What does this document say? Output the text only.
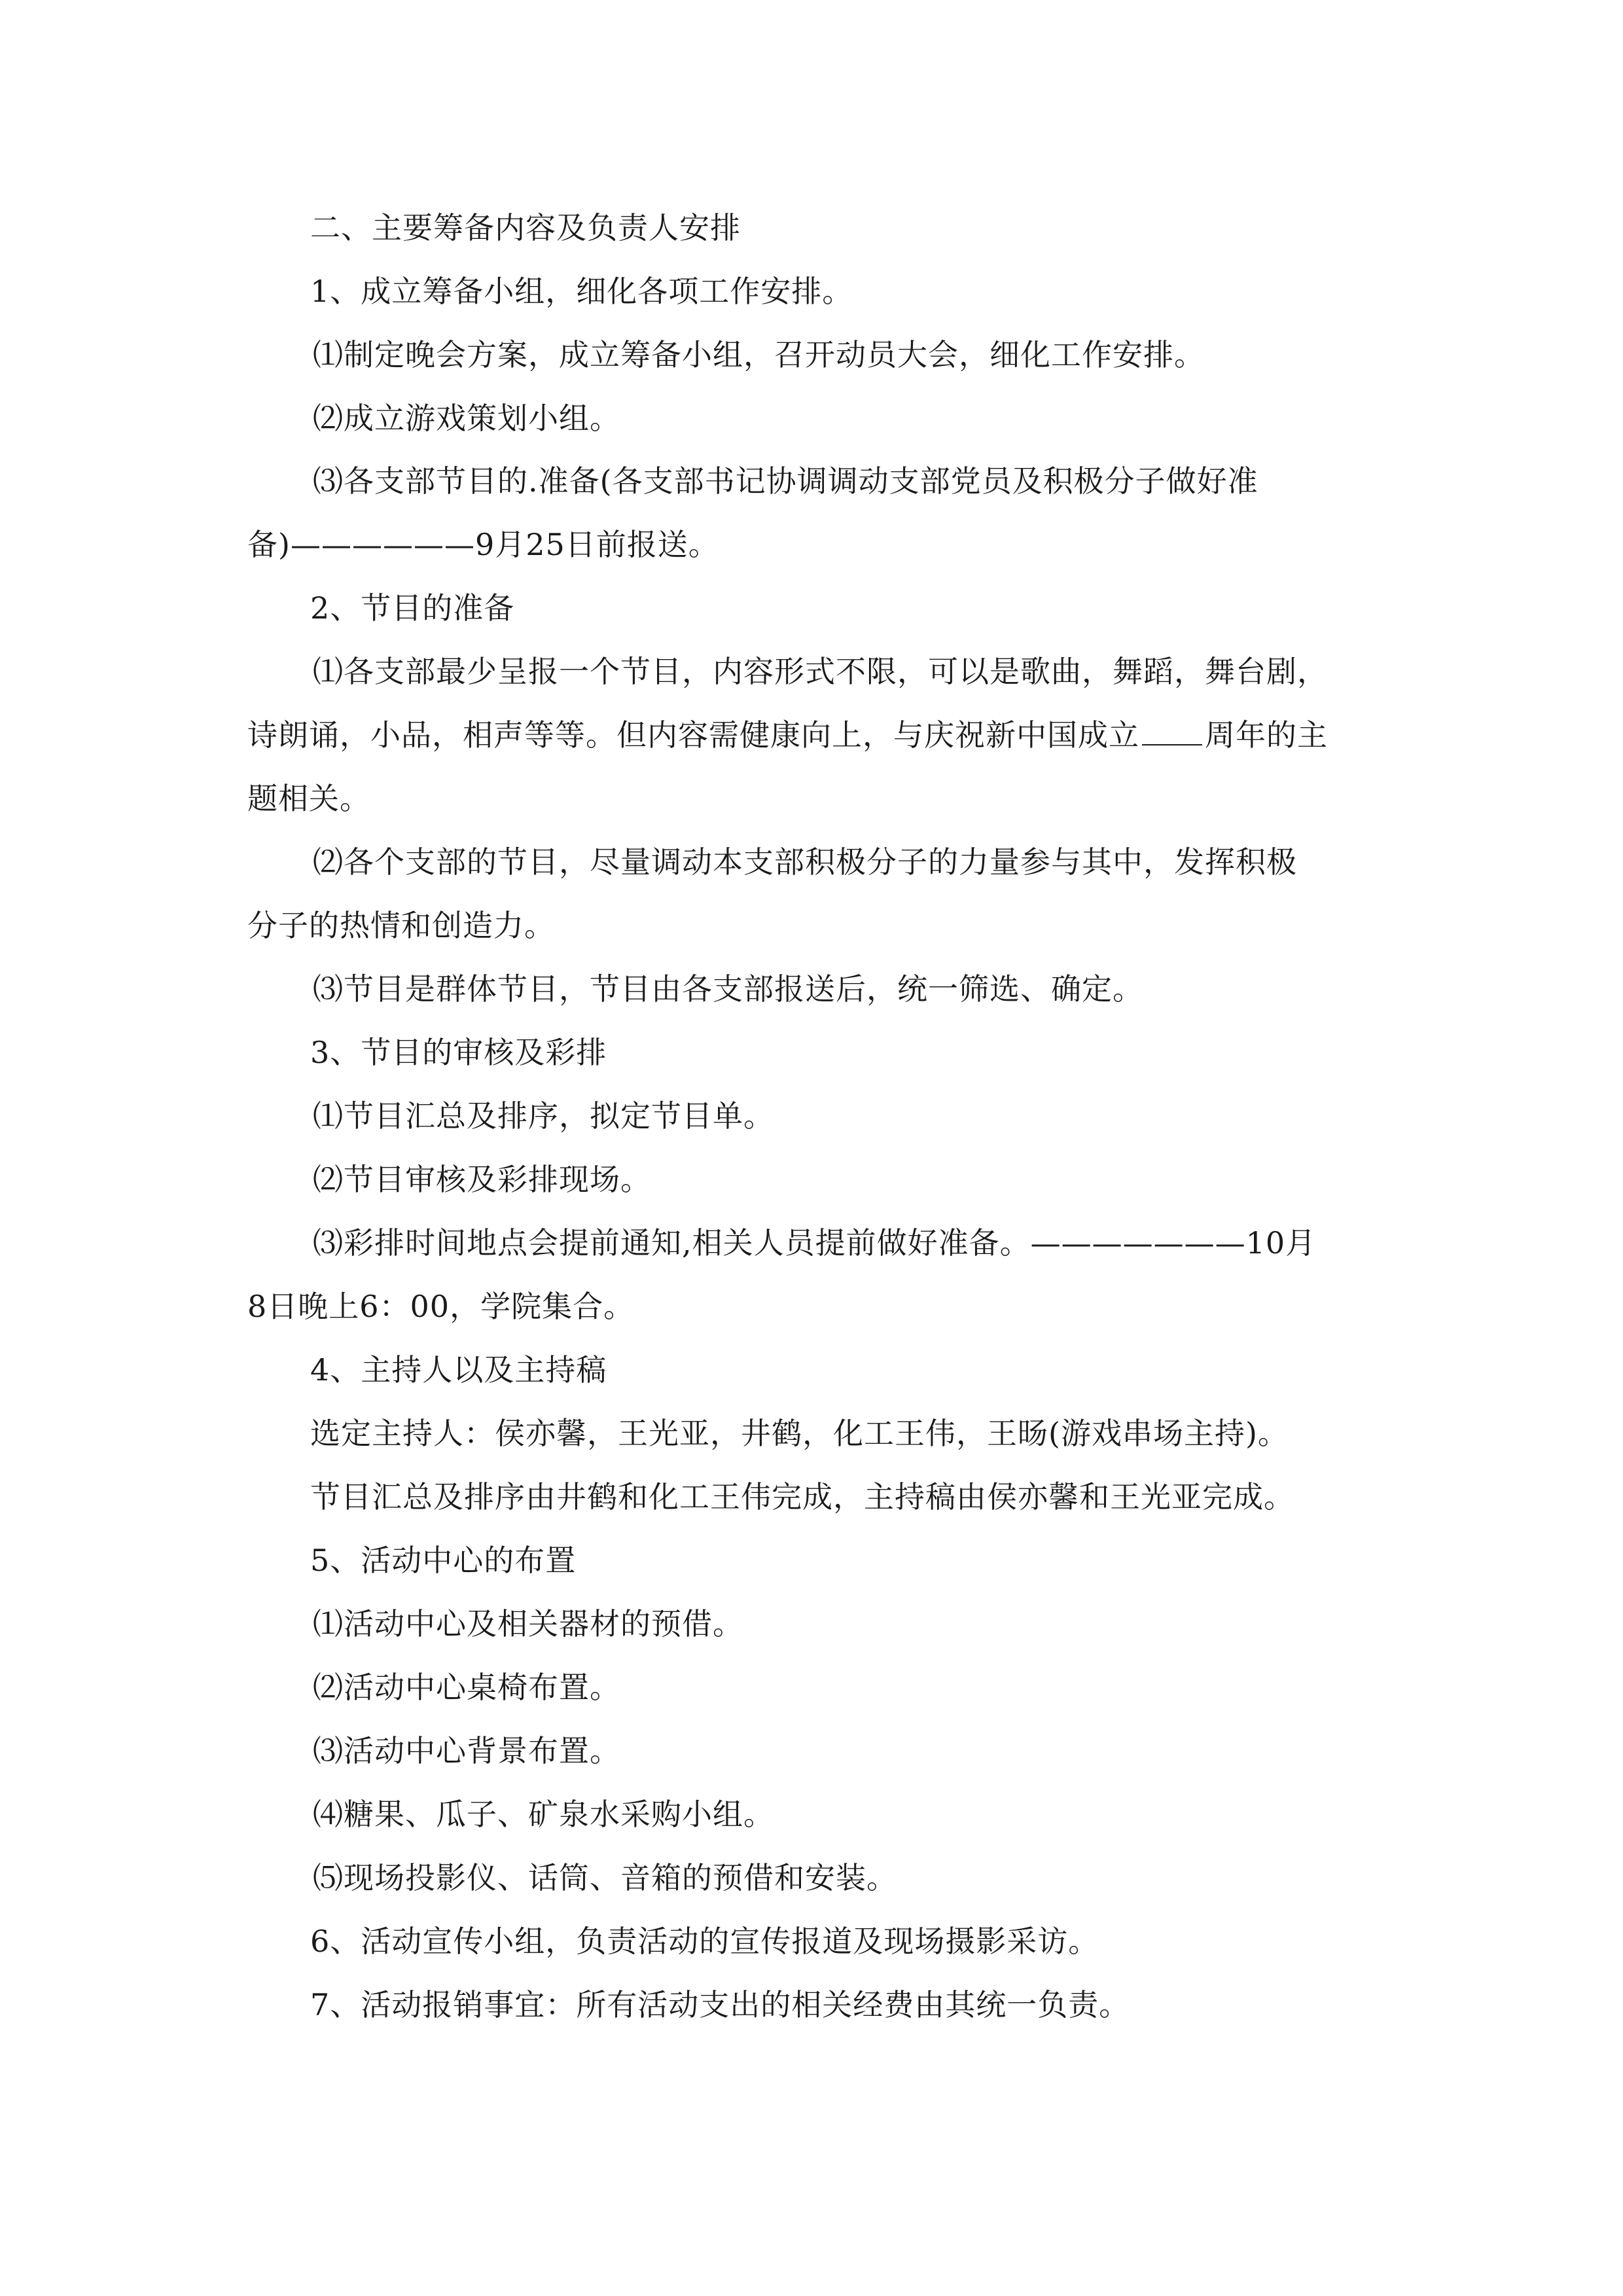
二、主要筹备内容及负责人安排
1、成立筹备小组，细化各项工作安排。
⑴制定晚会方案，成立筹备小组，召开动员大会，细化工作安排。
⑵成立游戏策划小组。
⑶各支部节目的.准备(各支部书记协调调动支部党员及积极分子做好准
备)——————9月25日前报送。
2、节目的准备
⑴各支部最少呈报一个节目，内容形式不限，可以是歌曲，舞蹈，舞台剧，
诗朗诵，小品，相声等等。但内容需健康向上，与庆祝新中国成立 周年的主
题相关。
⑵各个支部的节目，尽量调动本支部积极分子的力量参与其中，发挥积极
分子的热情和创造力。
⑶节目是群体节目，节目由各支部报送后，统一筛选、确定。
3、节目的审核及彩排
⑴节目汇总及排序，拟定节目单。
⑵节目审核及彩排现场。
⑶彩排时间地点会提前通知,相关人员提前做好准备。———————10月
8日晚上6：00，学院集合。
4、主持人以及主持稿
选定主持人：侯亦馨，王光亚，井鹤，化工王伟，王旸(游戏串场主持)。
节目汇总及排序由井鹤和化工王伟完成，主持稿由侯亦馨和王光亚完成。
5、活动中心的布置
⑴活动中心及相关器材的预借。
⑵活动中心桌椅布置。
⑶活动中心背景布置。
⑷糖果、瓜子、矿泉水采购小组。
⑸现场投影仪、话筒、音箱的预借和安装。
6、活动宣传小组，负责活动的宣传报道及现场摄影采访。
7、活动报销事宜：所有活动支出的相关经费由其统一负责。
